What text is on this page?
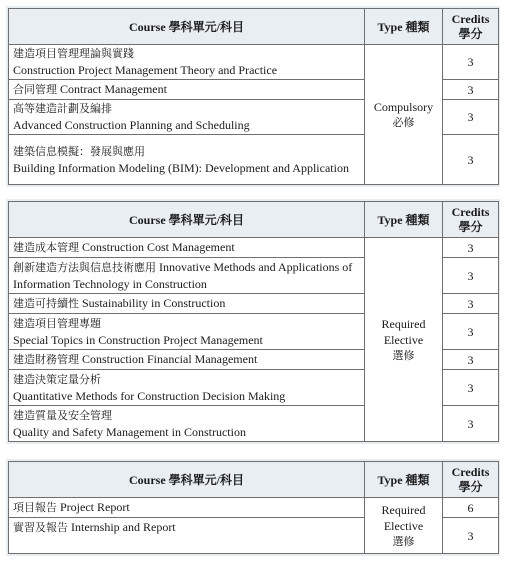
Course 學科單元/科目	Type 種類	Credits
學分

建造項目管理理論與實踐
Construction Project Management Theory and Practice	Compulsory
必修	3
合同管理 Contract Management		3

高等建造計劃及編排
Advanced Construction Planning and Scheduling		3

建築信息模擬：發展與應用
Building Information Modeling (BIM): Development and Application		3
Course 學科單元/科目	Type 種類	Credits
學分

建造成本管理 Construction Cost Management	Required
Elective
選修	3
創新建造方法與信息技術應用 Innovative Methods and Applications of Information Technology in Construction		3
建造可持續性 Sustainability in Construction		3

建造項目管理專題
Special Topics in Construction Project Management		3
建造財務管理 Construction Financial Management		3

建造決策定量分析
Quantitative Methods for Construction Decision Making		3

建造質量及安全管理
Quality and Safety Management in Construction		3
Course 學科單元/科目	Type 種類	Credits
學分

項目報告 Project Report	Required
Elective
選修	6
實習及報告 Internship and Report		3
